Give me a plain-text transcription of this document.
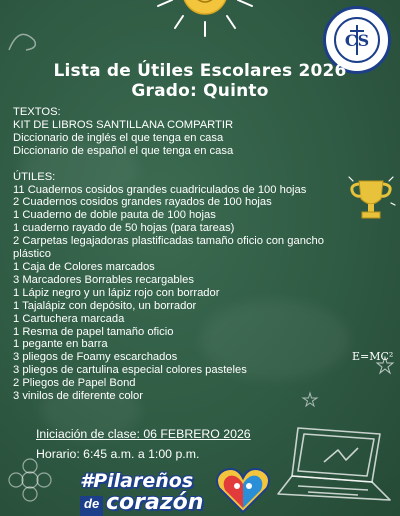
CS
Lista de Útiles Escolares 2026
Grado: Quinto
TEXTOS:
KIT DE LIBROS SANTILLANA COMPARTIR
Diccionario de inglés el que tenga en casa
Diccionario de español el que tenga en casa
ÚTILES:
11 Cuadernos cosidos grandes cuadriculados de 100 hojas
2 Cuadernos cosidos grandes rayados de 100 hojas
1 Cuaderno de doble pauta de 100 hojas
1 cuaderno rayado de 50 hojas (para tareas)
2 Carpetas legajadoras plastificadas tamaño oficio con gancho
plástico
1 Caja de Colores marcados
3 Marcadores Borrables recargables
1 Lápiz negro y un lápiz rojo con borrador
1 Tajalápiz con depósito, un borrador
1 Cartuchera marcada
1 Resma de papel tamaño oficio
1 pegante en barra
3 pliegos de Foamy escarchados
3 pliegos de cartulina especial colores pasteles
2 Pliegos de Papel Bond
3 vinilos de diferente color
E=MC²
Iniciación de clase: 06 FEBRERO 2026
Horario: 6:45 a.m. a 1:00 p.m.
#Pilareños
de corazón
